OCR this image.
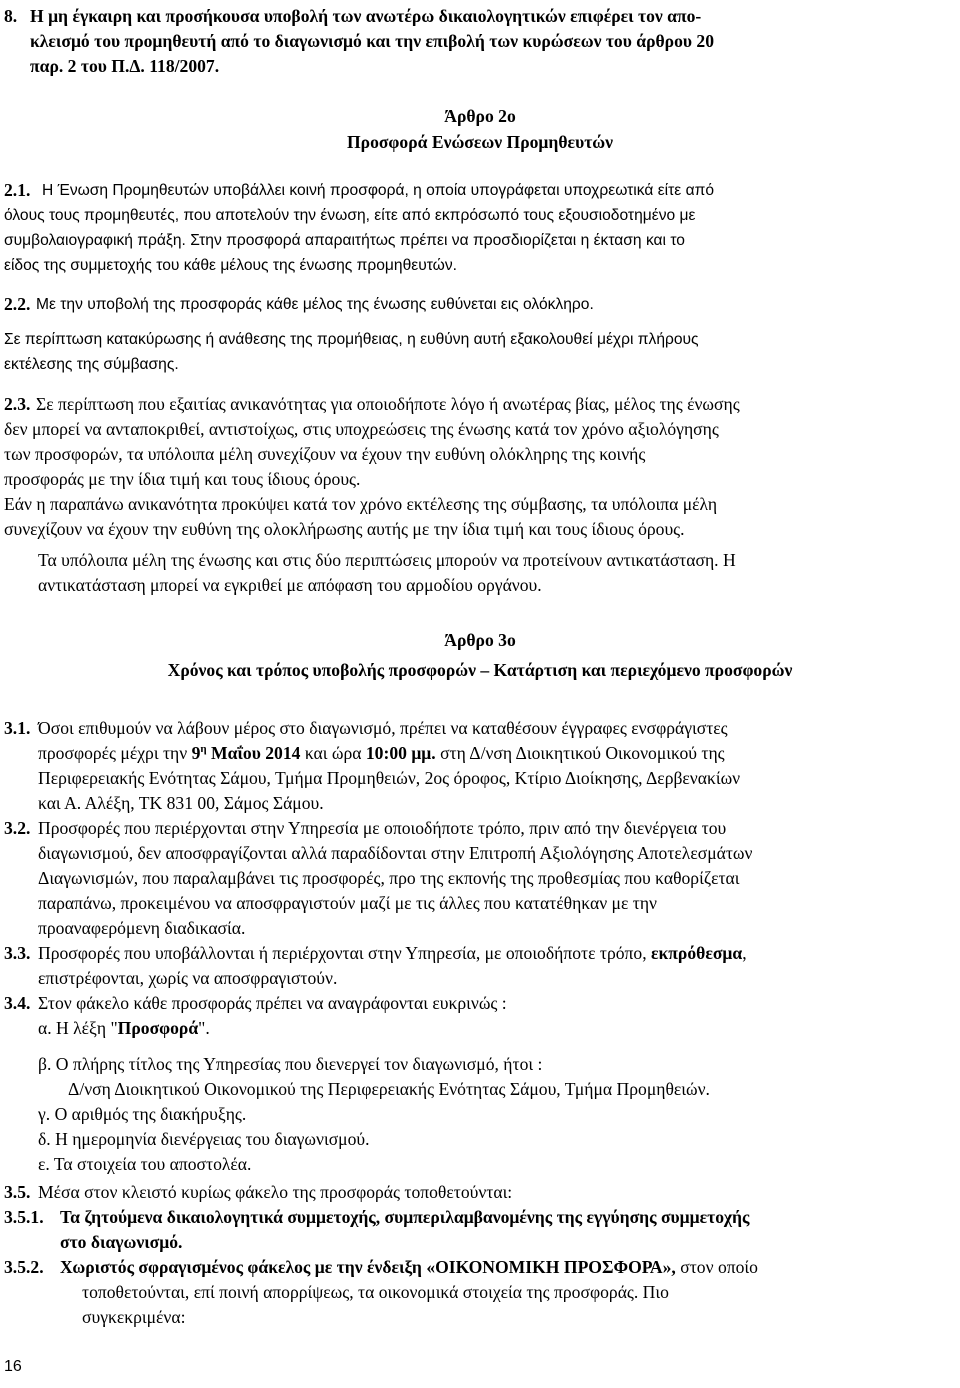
8. Η μη έγκαιρη και προσήκουσα υποβολή των ανωτέρω δικαιολογητικών επιφέρει τον απο-
κλεισμό του προμηθευτή από το διαγωνισμό και την επιβολή των κυρώσεων του άρθρου 20
παρ. 2 του Π.Δ. 118/2007.
Άρθρο 2ο
Προσφορά Ενώσεων Προμηθευτών
2.1. Η Ένωση Προμηθευτών υποβάλλει κοινή προσφορά, η οποία υπογράφεται υποχρεωτικά είτε από
όλους τους προμηθευτές, που αποτελούν την ένωση, είτε από εκπρόσωπό τους εξουσιοδοτημένο με
συμβολαιογραφική πράξη. Στην προσφορά απαραιτήτως πρέπει να προσδιορίζεται η έκταση και το
είδος της συμμετοχής του κάθε μέλους της ένωσης προμηθευτών.
2.2. Με την υποβολή της προσφοράς κάθε μέλος της ένωσης ευθύνεται εις ολόκληρο.
Σε περίπτωση κατακύρωσης ή ανάθεσης της προμήθειας, η ευθύνη αυτή εξακολουθεί μέχρι πλήρους
εκτέλεσης της σύμβασης.
2.3. Σε περίπτωση που εξαιτίας ανικανότητας για οποιοδήποτε λόγο ή ανωτέρας βίας, μέλος της ένωσης
δεν μπορεί να ανταποκριθεί, αντιστοίχως, στις υποχρεώσεις της ένωσης κατά τον χρόνο αξιολόγησης
των προσφορών, τα υπόλοιπα μέλη συνεχίζουν να έχουν την ευθύνη ολόκληρης της κοινής
προσφοράς με την ίδια τιμή και τους ίδιους όρους.
Εάν η παραπάνω ανικανότητα προκύψει κατά τον χρόνο εκτέλεσης της σύμβασης, τα υπόλοιπα μέλη
συνεχίζουν να έχουν την ευθύνη της ολοκλήρωσης αυτής με την ίδια τιμή και τους ίδιους όρους.
Τα υπόλοιπα μέλη της ένωσης και στις δύο περιπτώσεις μπορούν να προτείνουν αντικατάσταση. Η
αντικατάσταση μπορεί να εγκριθεί με απόφαση του αρμοδίου οργάνου.
Άρθρο 3ο
Χρόνος και τρόπος υποβολής προσφορών – Κατάρτιση και περιεχόμενο προσφορών
3.1. Όσοι επιθυμούν να λάβουν μέρος στο διαγωνισμό, πρέπει να καταθέσουν έγγραφες ενσφράγιστες
προσφορές μέχρι την $9^\eta$ Μαΐου 2014 και ώρα 10:00 μμ. στη Δ/νση Διοικητικού Οικονομικού της
Περιφερειακής Ενότητας Σάμου, Τμήμα Προμηθειών, 2ος όροφος, Κτίριο Διοίκησης, Δερβενακίων
και Α. Αλέξη, ΤΚ 831 00, Σάμος Σάμου.
3.2. Προσφορές που περιέρχονται στην Υπηρεσία με οποιοδήποτε τρόπο, πριν από την διενέργεια του
διαγωνισμού, δεν αποσφραγίζονται αλλά παραδίδονται στην Επιτροπή Αξιολόγησης Αποτελεσμάτων
Διαγωνισμών, που παραλαμβάνει τις προσφορές, προ της εκπονής της προθεσμίας που καθορίζεται
παραπάνω, προκειμένου να αποσφραγιστούν μαζί με τις άλλες που κατατέθηκαν με την
προαναφερόμενη διαδικασία.
3.3. Προσφορές που υποβάλλονται ή περιέρχονται στην Υπηρεσία, με οποιοδήποτε τρόπο, εκπρόθεσμα,
επιστρέφονται, χωρίς να αποσφραγιστούν.
3.4. Στον φάκελο κάθε προσφοράς πρέπει να αναγράφονται ευκρινώς :
α. Η λέξη "Προσφορά".
β. Ο πλήρης τίτλος της Υπηρεσίας που διενεργεί τον διαγωνισμό, ήτοι :
Δ/νση Διοικητικού Οικονομικού της Περιφερειακής Ενότητας Σάμου, Τμήμα Προμηθειών.
γ. Ο αριθμός της διακήρυξης.
δ. Η ημερομηνία διενέργειας του διαγωνισμού.
ε. Τα στοιχεία του αποστολέα.
3.5. Μέσα στον κλειστό κυρίως φάκελο της προσφοράς τοποθετούνται:
3.5.1. Τα ζητούμενα δικαιολογητικά συμμετοχής, συμπεριλαμβανομένης της εγγύησης συμμετοχής
στο διαγωνισμό.
3.5.2. Χωριστός σφραγισμένος φάκελος με την ένδειξη «ΟΙΚΟΝΟΜΙΚΗ ΠΡΟΣΦΟΡΑ», στον οποίο
τοποθετούνται, επί ποινή απορρίψεως, τα οικονομικά στοιχεία της προσφοράς. Πιο
συγκεκριμένα:
16
